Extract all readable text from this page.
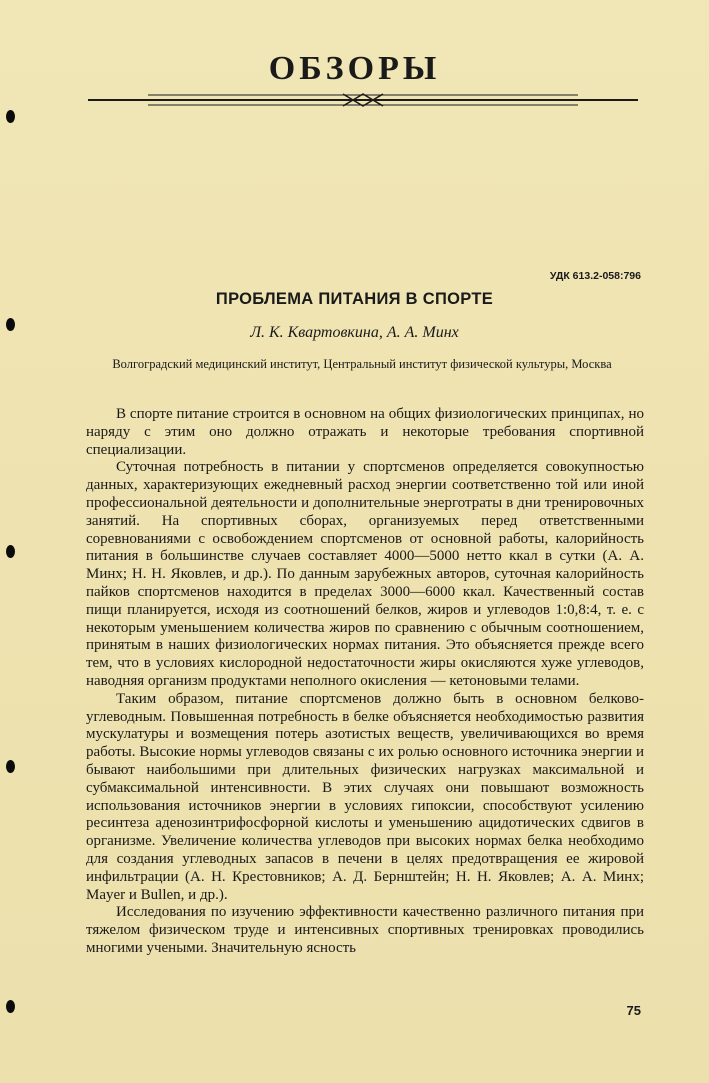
ОБЗОРЫ
УДК 613.2-058:796
ПРОБЛЕМА ПИТАНИЯ В СПОРТЕ
Л. К. Квартовкина, А. А. Минх
Волгоградский медицинский институт, Центральный институт физической культуры, Москва

В спорте питание строится в основном на общих физиологических принципах, но наряду с этим оно должно отражать и некоторые требования спортивной специализации.

Суточная потребность в питании у спортсменов определяется совокупностью данных, характеризующих ежедневный расход энергии соответственно той или иной профессиональной деятельности и дополнительные энерготраты в дни тренировочных занятий. На спортивных сборах, организуемых перед ответственными соревнованиями с освобождением спортсменов от основной работы, калорийность питания в большинстве случаев составляет 4000—5000 нетто ккал в сутки (А. А. Минх; Н. Н. Яковлев, и др.). По данным зарубежных авторов, суточная калорийность пайков спортсменов находится в пределах 3000—6000 ккал. Качественный состав пищи планируется, исходя из соотношений белков, жиров и углеводов 1:0,8:4, т. е. с некоторым уменьшением количества жиров по сравнению с обычным соотношением, принятым в наших физиологических нормах питания. Это объясняется прежде всего тем, что в условиях кислородной недостаточности жиры окисляются хуже углеводов, наводняя организм продуктами неполного окисления — кетоновыми телами.

Таким образом, питание спортсменов должно быть в основном белково-углеводным. Повышенная потребность в белке объясняется необходимостью развития мускулатуры и возмещения потерь азотистых веществ, увеличивающихся во время работы. Высокие нормы углеводов связаны с их ролью основного источника энергии и бывают наибольшими при длительных физических нагрузках максимальной и субмаксимальной интенсивности. В этих случаях они повышают возможность использования источников энергии в условиях гипоксии, способствуют усилению ресинтеза аденозинтрифосфорной кислоты и уменьшению ацидотических сдвигов в организме. Увеличение количества углеводов при высоких нормах белка необходимо для создания углеводных запасов в печени в целях предотвращения ее жировой инфильтрации (А. Н. Крестовников; А. Д. Бернштейн; Н. Н. Яковлев; А. А. Минх; Mayer и Bullen, и др.).

Исследования по изучению эффективности качественно различного питания при тяжелом физическом труде и интенсивных спортивных тренировках проводились многими учеными. Значительную ясность

75
